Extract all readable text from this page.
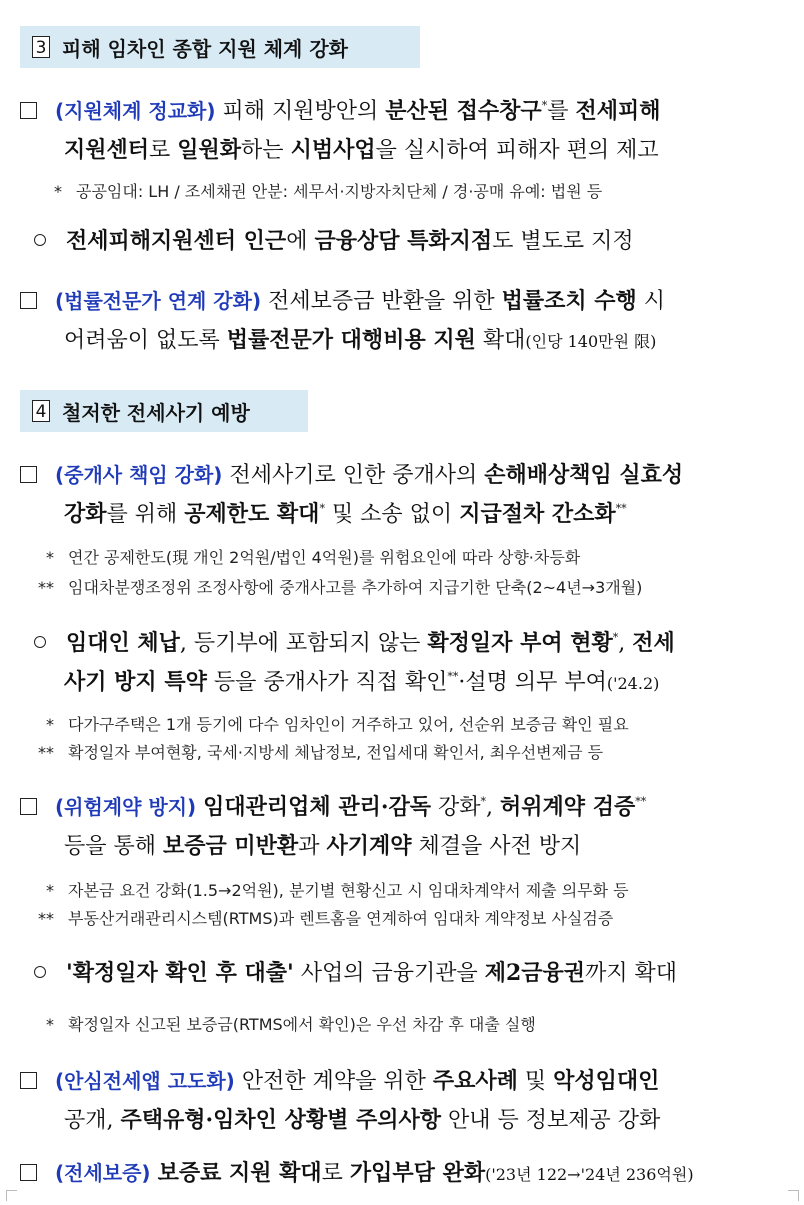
3 피해 임차인 종합 지원 체계 강화
(지원체계 정교화) 피해 지원방안의 분산된 접수창구*를 전세피해
지원센터로 일원화하는 시범사업을 실시하여 피해자 편의 제고
* 공공임대: LH / 조세채권 안분: 세무서·지방자치단체 / 경·공매 유예: 법원 등
전세피해지원센터 인근에 금융상담 특화지점도 별도로 지정
(법률전문가 연계 강화) 전세보증금 반환을 위한 법률조치 수행 시
어려움이 없도록 법률전문가 대행비용 지원 확대(인당 140만원 限)
4 철저한 전세사기 예방
(중개사 책임 강화) 전세사기로 인한 중개사의 손해배상책임 실효성
강화를 위해 공제한도 확대* 및 소송 없이 지급절차 간소화**
* 연간 공제한도(現 개인 2억원/법인 4억원)를 위험요인에 따라 상향·차등화
** 임대차분쟁조정위 조정사항에 중개사고를 추가하여 지급기한 단축(2~4년→3개월)
임대인 체납, 등기부에 포함되지 않는 확정일자 부여 현황*, 전세
사기 방지 특약 등을 중개사가 직접 확인**·설명 의무 부여('24.2)
* 다가구주택은 1개 등기에 다수 임차인이 거주하고 있어, 선순위 보증금 확인 필요
** 확정일자 부여현황, 국세·지방세 체납정보, 전입세대 확인서, 최우선변제금 등
(위험계약 방지) 임대관리업체 관리·감독 강화*, 허위계약 검증**
등을 통해 보증금 미반환과 사기계약 체결을 사전 방지
* 자본금 요건 강화(1.5→2억원), 분기별 현황신고 시 임대차계약서 제출 의무화 등
** 부동산거래관리시스템(RTMS)과 렌트홈을 연계하여 임대차 계약정보 사실검증
'확정일자 확인 후 대출' 사업의 금융기관을 제2금융권까지 확대
* 확정일자 신고된 보증금(RTMS에서 확인)은 우선 차감 후 대출 실행
(안심전세앱 고도화) 안전한 계약을 위한 주요사례 및 악성임대인
공개, 주택유형·임차인 상황별 주의사항 안내 등 정보제공 강화
(전세보증) 보증료 지원 확대로 가입부담 완화('23년 122→'24년 236억원)
